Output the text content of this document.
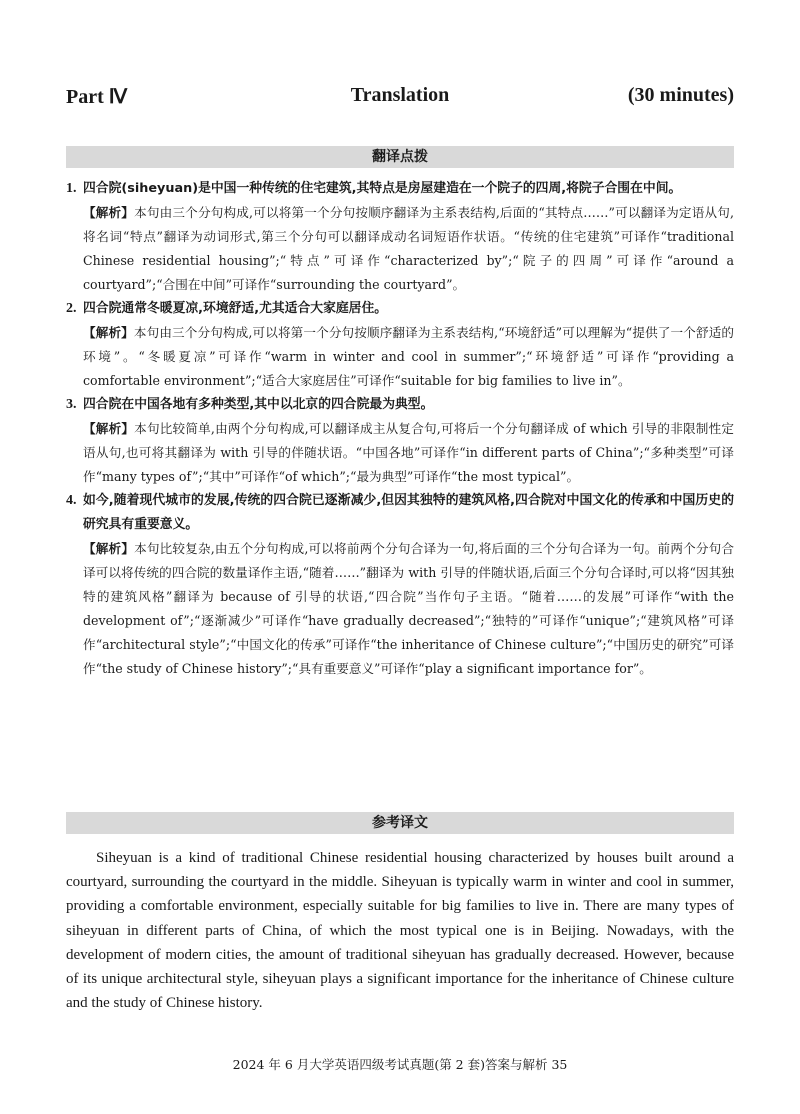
Part Ⅳ	Translation	(30 minutes)
翻译点拨
1. 四合院(siheyuan)是中国一种传统的住宅建筑,其特点是房屋建造在一个院子的四周,将院子合围在中间。
【解析】本句由三个分句构成,可以将第一个分句按顺序翻译为主系表结构,后面的“其特点……”可以翻译为定语从句,将名词“特点”翻译为动词形式,第三个分句可以翻译成动名词短语作状语。“传统的住宅建筑”可译作“traditional Chinese residential housing”;“特点”可译作“characterized by”;“院子的四周”可译作“around a courtyard”;“合围在中间”可译作“surrounding the courtyard”。
2. 四合院通常冬暖夏凉,环境舒适,尤其适合大家庭居住。
【解析】本句由三个分句构成,可以将第一个分句按顺序翻译为主系表结构,“环境舒适”可以理解为“提供了一个舒适的环境”。“冬暖夏凉”可译作“warm in winter and cool in summer”;“环境舒适”可译作“providing a comfortable environment”;“适合大家庭居住”可译作“suitable for big families to live in”。
3. 四合院在中国各地有多种类型,其中以北京的四合院最为典型。
【解析】本句比较简单,由两个分句构成,可以翻译成主从复合句,可将后一个分句翻译成 of which 引导的非限制性定语从句,也可将其翻译为 with 引导的伴随状语。“中国各地”可译作“in different parts of China”;“多种类型”可译作“many types of”;“其中”可译作“of which”;“最为典型”可译作“the most typical”。
4. 如今,随着现代城市的发展,传统的四合院已逐渐减少,但因其独特的建筑风格,四合院对中国文化的传承和中国历史的研究具有重要意义。
【解析】本句比较复杂,由五个分句构成,可以将前两个分句合译为一句,将后面的三个分句合译为一句。前两个分句合译可以将传统的四合院的数量译作主语,“随着……”翻译为 with 引导的伴随状语,后面三个分句合译时,可以将“因其独特的建筑风格”翻译为 because of 引导的状语,“四合院”当作句子主语。“随着……的发展”可译作“with the development of”;“逐渐减少”可译作“have gradually decreased”;“独特的”可译作“unique”;“建筑风格”可译作“architectural style”;“中国文化的传承”可译作“the inheritance of Chinese culture”;“中国历史的研究”可译作“the study of Chinese history”;“具有重要意义”可译作“play a significant importance for”。
参考译文
Siheyuan is a kind of traditional Chinese residential housing characterized by houses built around a courtyard, surrounding the courtyard in the middle. Siheyuan is typically warm in winter and cool in summer, providing a comfortable environment, especially suitable for big families to live in. There are many types of siheyuan in different parts of China, of which the most typical one is in Beijing. Nowadays, with the development of modern cities, the amount of traditional siheyuan has gradually decreased. However, because of its unique architectural style, siheyuan plays a significant importance for the inheritance of Chinese culture and the study of Chinese history.
2024 年 6 月大学英语四级考试真题(第 2 套)答案与解析 35
